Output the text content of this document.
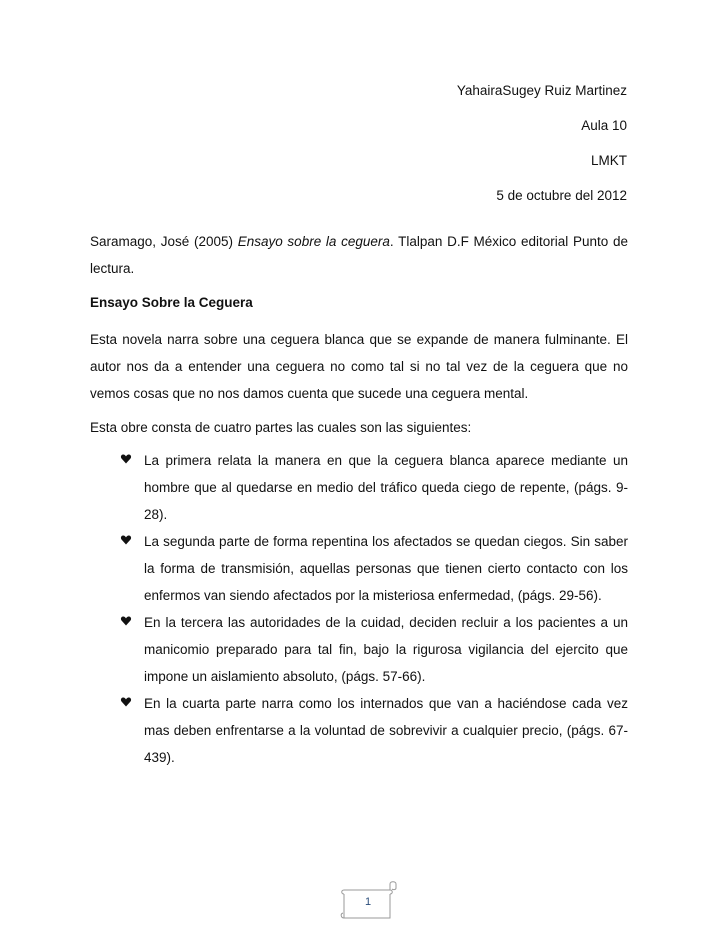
YahairaSugey Ruiz Martinez
Aula 10
LMKT
5 de octubre del 2012

Saramago, José (2005) Ensayo sobre la ceguera. Tlalpan D.F México editorial Punto de lectura.

Ensayo Sobre la Ceguera

Esta novela narra sobre una ceguera blanca que se expande de manera fulminante. El autor nos da a entender una ceguera no como tal si no tal vez de la ceguera que no vemos cosas que no nos damos cuenta que sucede una ceguera mental.

Esta obre consta de cuatro partes las cuales son las siguientes:

La primera relata la manera en que la ceguera blanca aparece mediante un hombre que al quedarse en medio del tráfico queda ciego de repente, (págs. 9-28).
La segunda parte de forma repentina los afectados se quedan ciegos. Sin saber la forma de transmisión, aquellas personas que tienen cierto contacto con los enfermos van siendo afectados por la misteriosa enfermedad, (págs. 29-56).
En la tercera las autoridades de la cuidad, deciden recluir a los pacientes a un manicomio preparado para tal fin, bajo la rigurosa vigilancia del ejercito que impone un aislamiento absoluto, (págs. 57-66).
En la cuarta parte narra como los internados que van a haciéndose cada vez mas deben enfrentarse a la voluntad de sobrevivir a cualquier precio, (págs. 67-439).
1
